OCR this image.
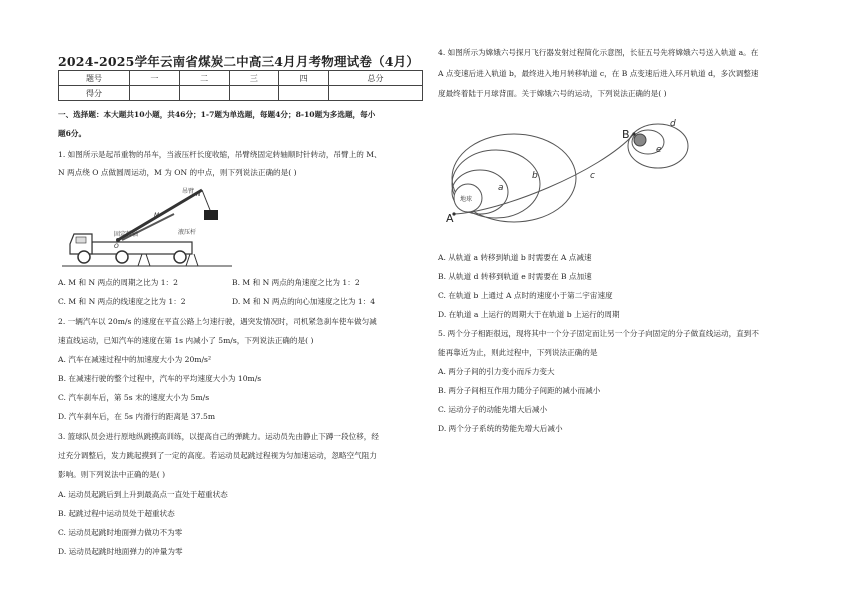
2024-2025学年云南省煤炭二中高三4月月考物理试卷（4月）
题号	一	二	三	四	总分
得分					
一、选择题：本大题共10小题，共46分；1-7题为单选题，每题4分；8-10题为多选题，每小
题6分。
1. 如图所示是起吊重物的吊车，当液压杆长度收缩，吊臂绕固定转轴顺时针转动，吊臂上的 M、
N 两点绕 O 点做圆周运动，M 为 ON 的中点，则下列说法正确的是( )
吊臂 N
M
固定转轴
O
液压杆
A. M 和 N 两点的周期之比为 1：2	B. M 和 N 两点的角速度之比为 1：2
C. M 和 N 两点的线速度之比为 1：2	D. M 和 N 两点的向心加速度之比为 1：4
2. 一辆汽车以 20m/s 的速度在平直公路上匀速行驶，遇突发情况时，司机紧急刹车使车做匀减
速直线运动，已知汽车的速度在第 1s 内减小了 5m/s，下列说法正确的是( )
A. 汽车在减速过程中的加速度大小为 20m/s²
B. 在减速行驶的整个过程中，汽车的平均速度大小为 10m/s
C. 汽车刹车后，第 5s 末的速度大小为 5m/s
D. 汽车刹车后，在 5s 内滑行的距离是 37.5m
3. 篮球队员会进行原地纵跳摸高训练，以提高自己的弹跳力。运动员先由静止下蹲一段位移，经
过充分调整后，发力跳起摸到了一定的高度。若运动员起跳过程视为匀加速运动，忽略空气阻力
影响。则下列说法中正确的是( )
A. 运动员起跳后到上升到最高点一直处于超重状态
B. 起跳过程中运动员处于超重状态
C. 运动员起跳时地面弹力做功不为零
D. 运动员起跳时地面弹力的冲量为零
4. 如图所示为嫦娥六号探月飞行器发射过程简化示意图，长征五号先将嫦娥六号送入轨道 a。在
A 点变速后进入轨道 b，最终进入地月转移轨道 c，在 B 点变速后进入环月轨道 d，多次调整速
度最终着陆于月球背面。关于嫦娥六号的运动，下列说法正确的是( )
A
B
a
b	c
d
e
地球
A. 从轨道 a 转移到轨道 b 时需要在 A 点减速
B. 从轨道 d 转移到轨道 e 时需要在 B 点加速
C. 在轨道 b 上通过 A 点时的速度小于第二宇宙速度
D. 在轨道 a 上运行的周期大于在轨道 b 上运行的周期
5. 两个分子相距很远，现将其中一个分子固定而让另一个分子向固定的分子做直线运动，直到不
能再靠近为止，则此过程中，下列说法正确的是
A. 两分子间的引力变小而斥力变大
B. 两分子间相互作用力随分子间距的减小而减小
C. 运动分子的动能先增大后减小
D. 两个分子系统的势能先增大后减小
